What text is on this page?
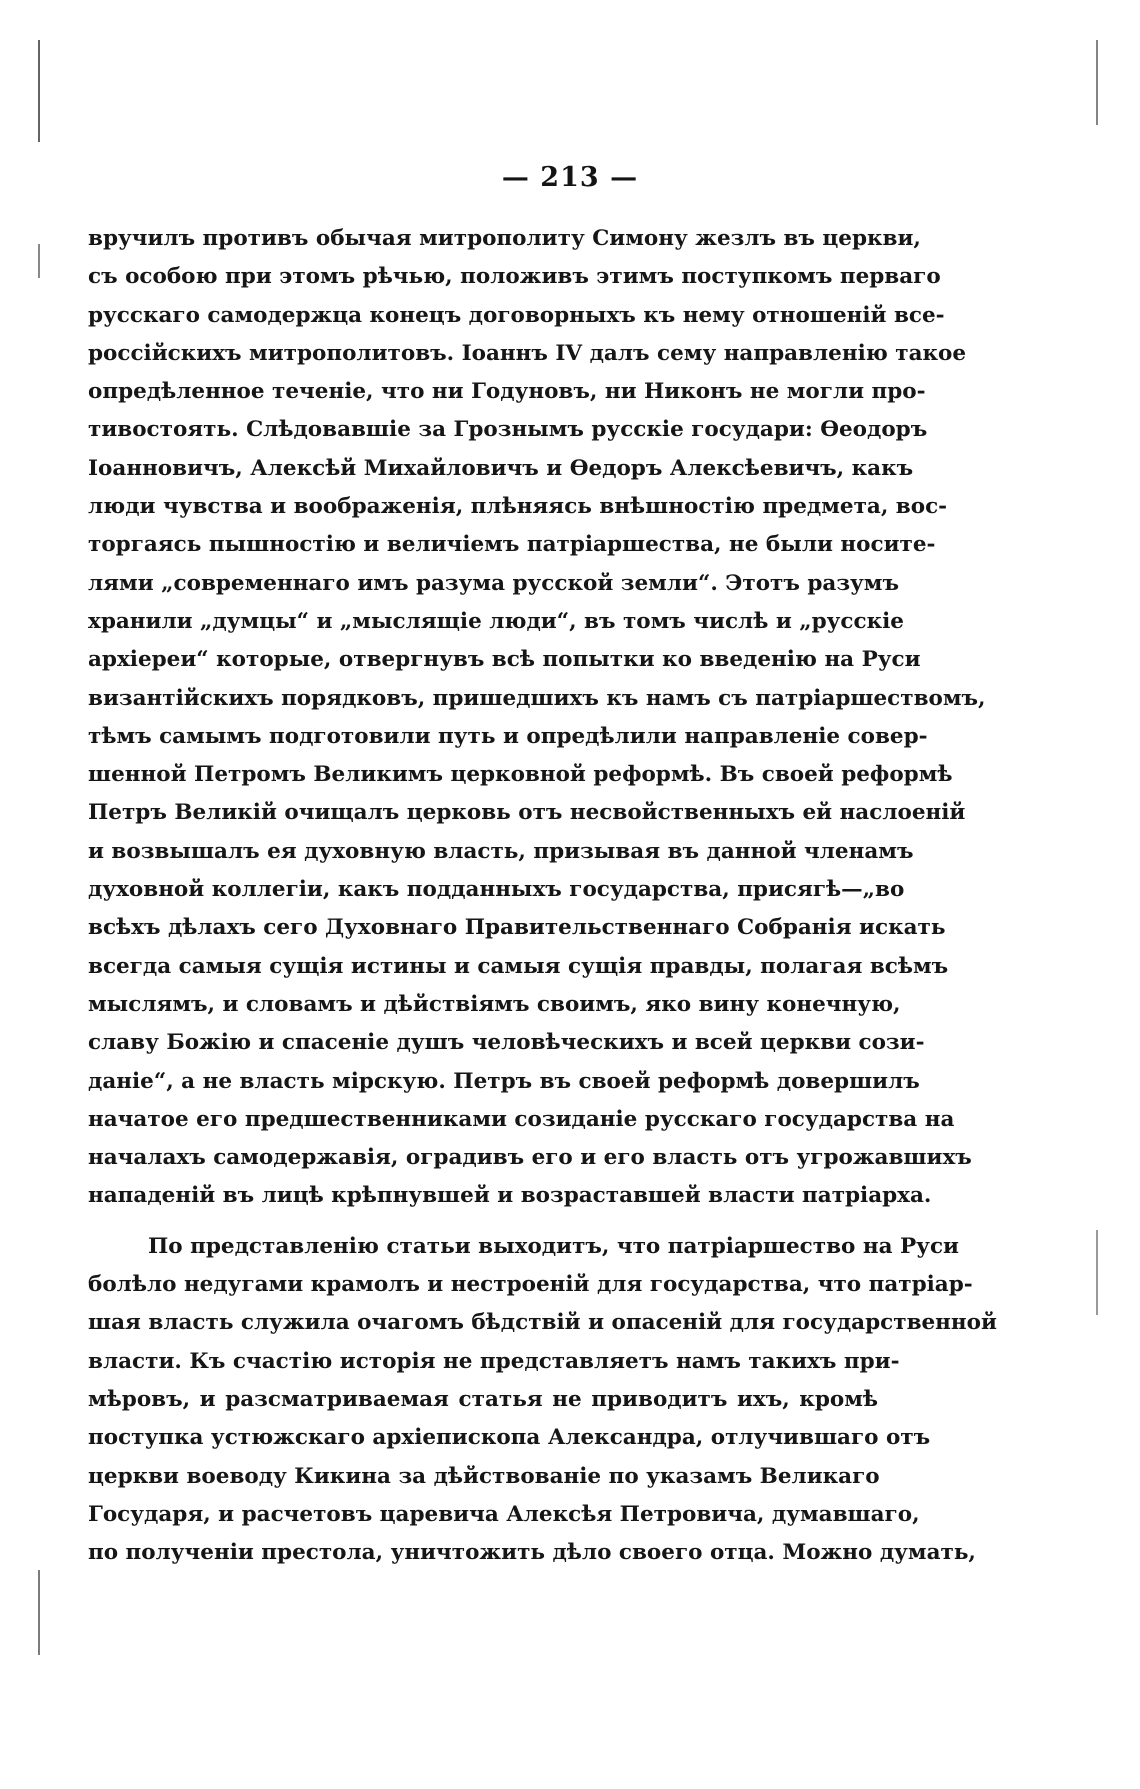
— 213 —
вручилъ противъ обычая митрополиту Симону жезлъ въ церкви,
съ особою при этомъ рѣчью, положивъ этимъ поступкомъ перваго
русскаго самодержца конецъ договорныхъ къ нему отношенiй все-
россiйскихъ митрополитовъ. Iоаннъ IV далъ сему направленiю такое
опредѣленное теченiе, что ни Годуновъ, ни Никонъ не могли про-
тивостоять. Слѣдовавшiе за Грознымъ русскiе государи: Ѳеодоръ
Iоанновичъ, Алексѣй Михайловичъ и Ѳедоръ Алексѣевичъ, какъ
люди чувства и воображенiя, плѣняясь внѣшностiю предмета, вос-
торгаясь пышностiю и величiемъ патрiаршества, не были носите-
лями „современнаго имъ разума русской земли“. Этотъ разумъ
хранили „думцы“ и „мыслящiе люди“, въ томъ числѣ и „русскiе
архiереи“ которые, отвергнувъ всѣ попытки ко введенiю на Руси
византiйскихъ порядковъ, пришедшихъ къ намъ съ патрiаршествомъ,
тѣмъ самымъ подготовили путь и опредѣлили направленiе совер-
шенной Петромъ Великимъ церковной реформѣ. Въ своей реформѣ
Петръ Великiй очищалъ церковь отъ несвойственныхъ ей наслоенiй
и возвышалъ ея духовную власть, призывая въ данной членамъ
духовной коллегiи, какъ подданныхъ государства, присягѣ—„во
всѣхъ дѣлахъ сего Духовнаго Правительственнаго Собранiя искать
всегда самыя сущiя истины и самыя сущiя правды, полагая всѣмъ
мыслямъ, и словамъ и дѣйствiямъ своимъ, яко вину конечную,
славу Божiю и спасенiе душъ человѣческихъ и всей церкви сози-
данiе“, а не власть мiрскую. Петръ въ своей реформѣ довершилъ
начатое его предшественниками созиданiе русскаго государства на
началахъ самодержавiя, оградивъ его и его власть отъ угрожавшихъ
нападенiй въ лицѣ крѣпнувшей и возраставшей власти патрiарха.
По представленiю статьи выходитъ, что патрiаршество на Руси
болѣло недугами крамолъ и нестроенiй для государства, что патрiар-
шая власть служила очагомъ бѣдствiй и опасенiй для государственной
власти. Къ счастiю исторiя не представляетъ намъ такихъ при-
мѣровъ, и разсматриваемая статья не приводитъ ихъ, кромѣ
поступка устюжскаго архiепископа Александра, отлучившаго отъ
церкви воеводу Кикина за дѣйствованiе по указамъ Великаго
Государя, и расчетовъ царевича Алексѣя Петровича, думавшаго,
по полученiи престола, уничтожить дѣло своего отца. Можно думать,
